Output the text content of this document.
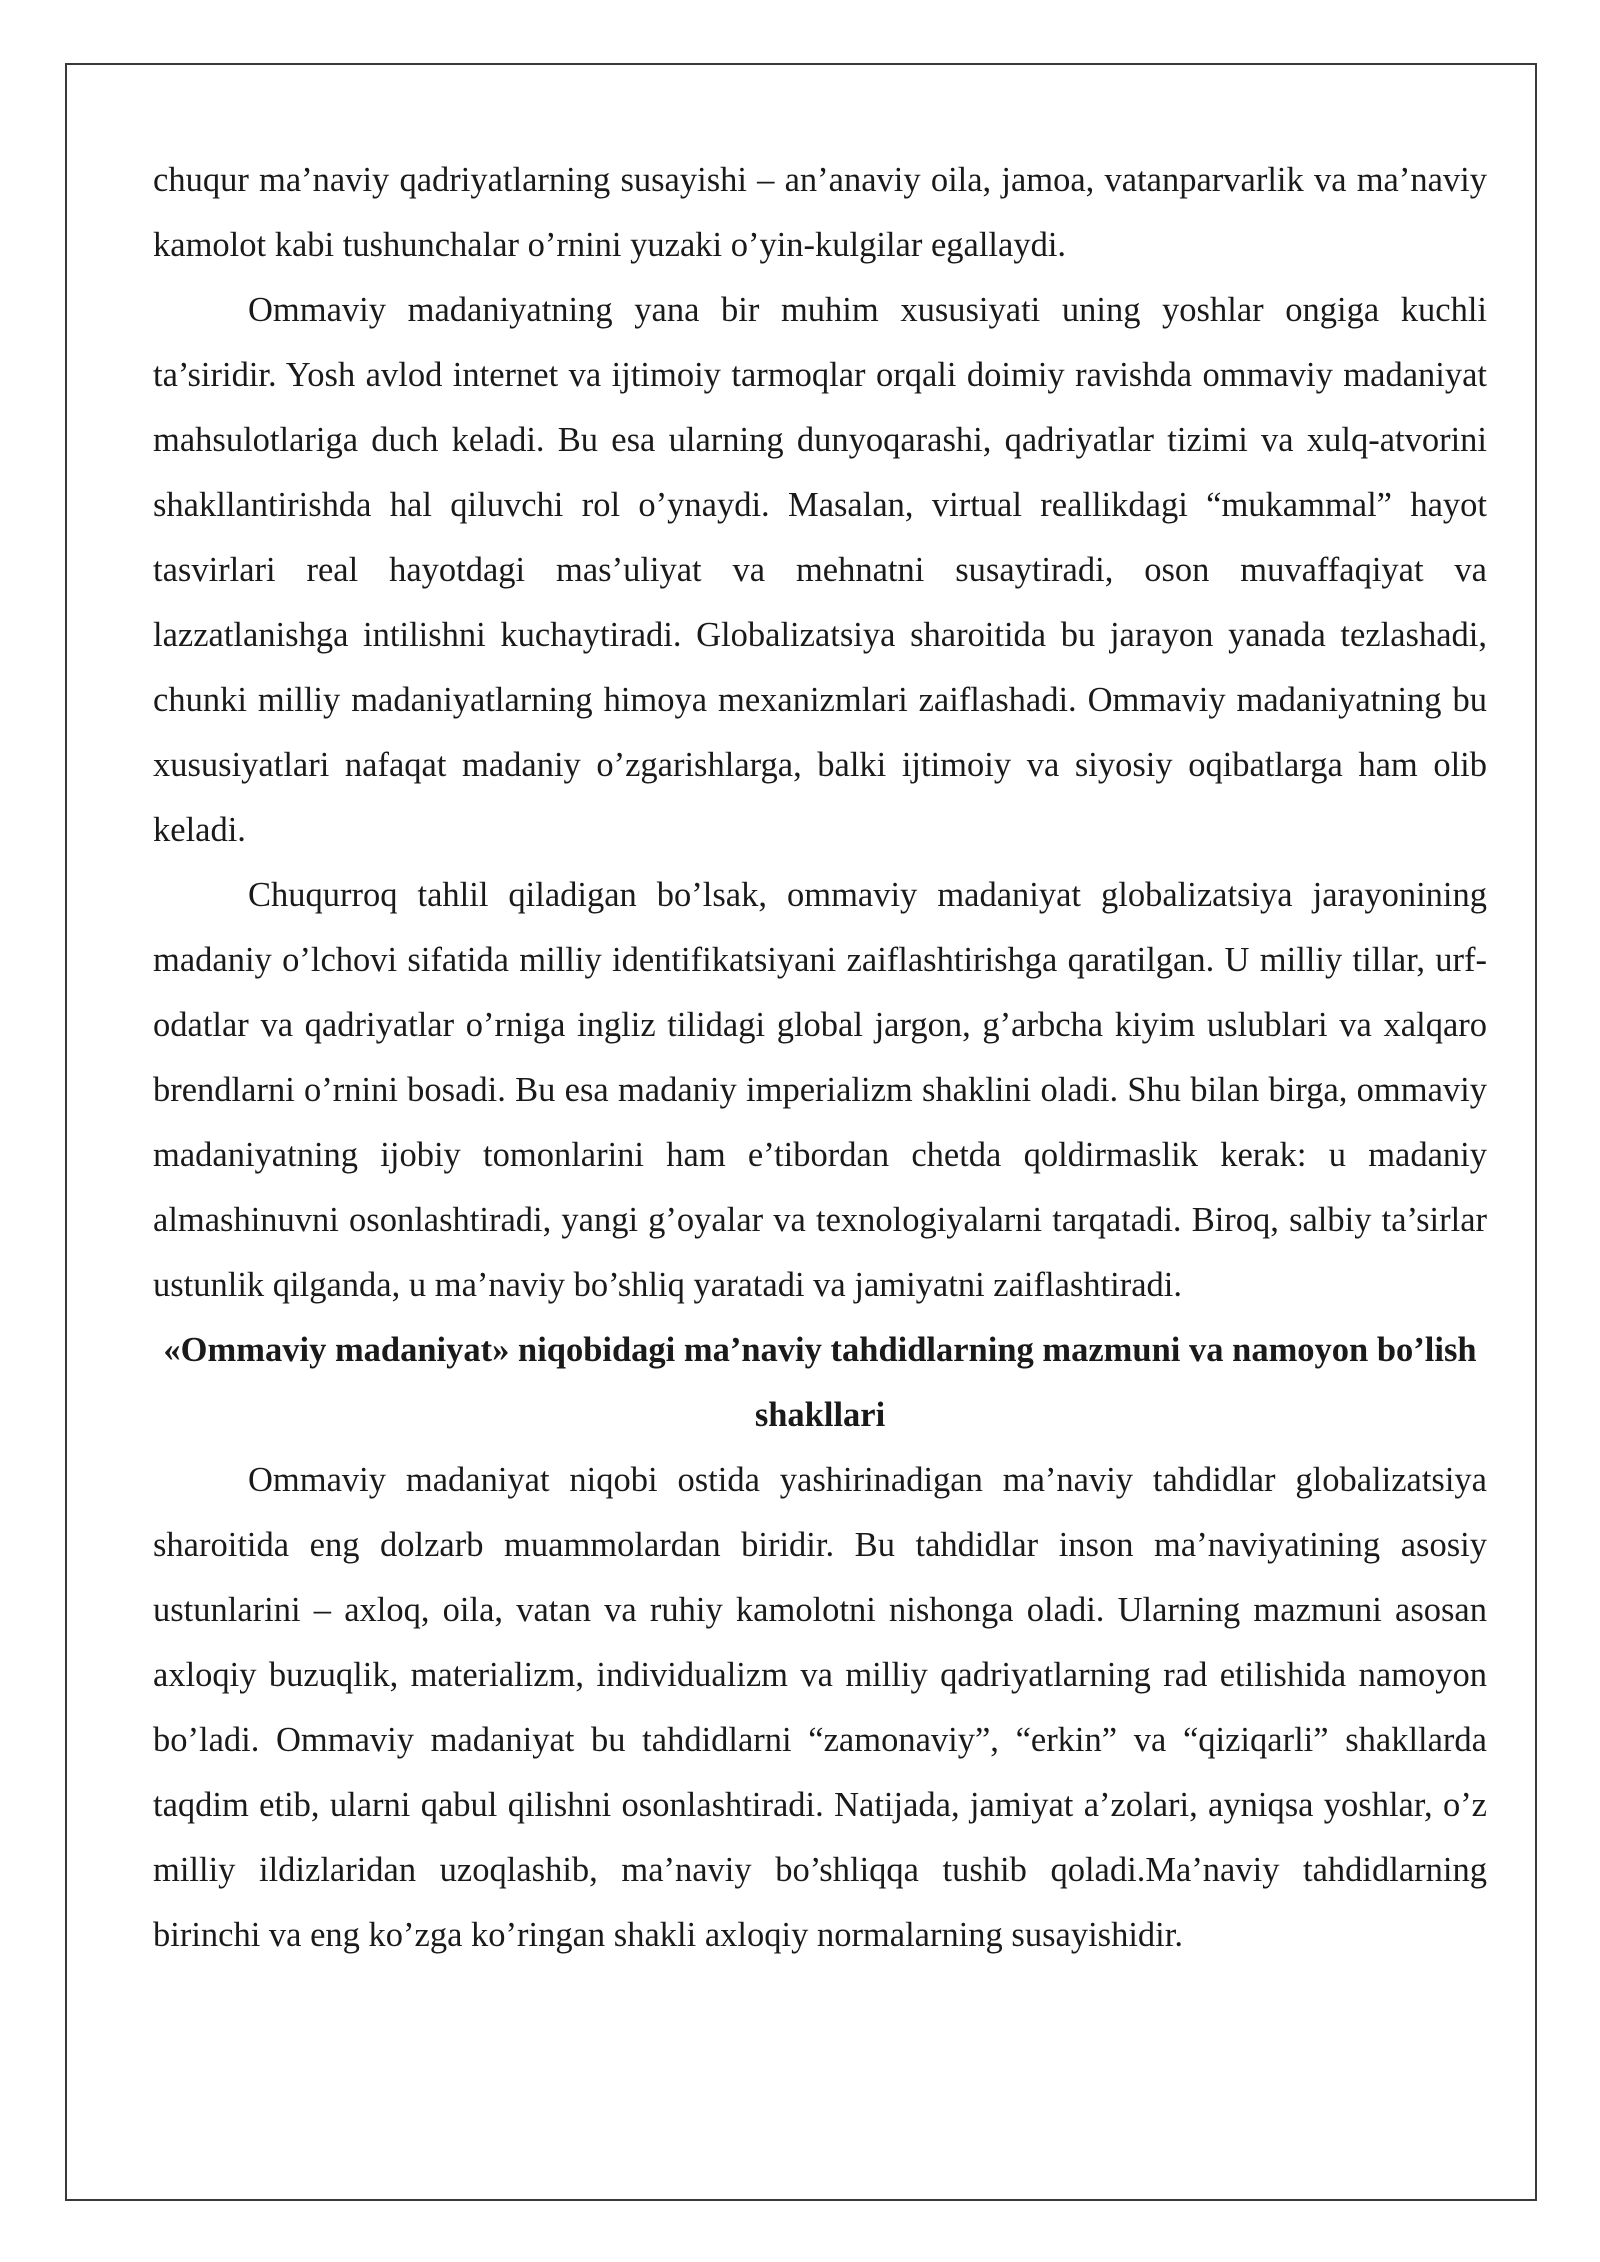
chuqur ma’naviy qadriyatlarning susayishi – an’anaviy oila, jamoa, vatanparvarlik va ma’naviy kamolot kabi tushunchalar o’rnini yuzaki o’yin-kulgilar egallaydi.

Ommaviy madaniyatning yana bir muhim xususiyati uning yoshlar ongiga kuchli ta’siridir. Yosh avlod internet va ijtimoiy tarmoqlar orqali doimiy ravishda ommaviy madaniyat mahsulotlariga duch keladi. Bu esa ularning dunyoqarashi, qadriyatlar tizimi va xulq-atvorini shakllantirishda hal qiluvchi rol o’ynaydi. Masalan, virtual reallikdagi “mukammal” hayot tasvirlari real hayotdagi mas’uliyat va mehnatni susaytiradi, oson muvaffaqiyat va lazzatlanishga intilishni kuchaytiradi. Globalizatsiya sharoitida bu jarayon yanada tezlashadi, chunki milliy madaniyatlarning himoya mexanizmlari zaiflashadi. Ommaviy madaniyatning bu xususiyatlari nafaqat madaniy o’zgarishlarga, balki ijtimoiy va siyosiy oqibatlarga ham olib keladi.

Chuqurroq tahlil qiladigan bo’lsak, ommaviy madaniyat globalizatsiya jarayonining madaniy o’lchovi sifatida milliy identifikatsiyani zaiflashtirishga qaratilgan. U milliy tillar, urf-odatlar va qadriyatlar o’rniga ingliz tilidagi global jargon, g’arbcha kiyim uslublari va xalqaro brendlarni o’rnini bosadi. Bu esa madaniy imperializm shaklini oladi. Shu bilan birga, ommaviy madaniyatning ijobiy tomonlarini ham e’tibordan chetda qoldirmaslik kerak: u madaniy almashinuvni osonlashtiradi, yangi g’oyalar va texnologiyalarni tarqatadi. Biroq, salbiy ta’sirlar ustunlik qilganda, u ma’naviy bo’shliq yaratadi va jamiyatni zaiflashtiradi.

«Ommaviy madaniyat» niqobidagi ma’naviy tahdidlarning mazmuni va namoyon bo’lish shakllari

Ommaviy madaniyat niqobi ostida yashirinadigan ma’naviy tahdidlar globalizatsiya sharoitida eng dolzarb muammolardan biridir. Bu tahdidlar inson ma’naviyatining asosiy ustunlarini – axloq, oila, vatan va ruhiy kamolotni nishonga oladi. Ularning mazmuni asosan axloqiy buzuqlik, materializm, individualizm va milliy qadriyatlarning rad etilishida namoyon bo’ladi. Ommaviy madaniyat bu tahdidlarni “zamonaviy”, “erkin” va “qiziqarli” shakllarda taqdim etib, ularni qabul qilishni osonlashtiradi. Natijada, jamiyat a’zolari, ayniqsa yoshlar, o’z milliy ildizlaridan uzoqlashib, ma’naviy bo’shliqqa tushib qoladi.Ma’naviy tahdidlarning birinchi va eng ko’zga ko’ringan shakli axloqiy normalarning susayishidir.
